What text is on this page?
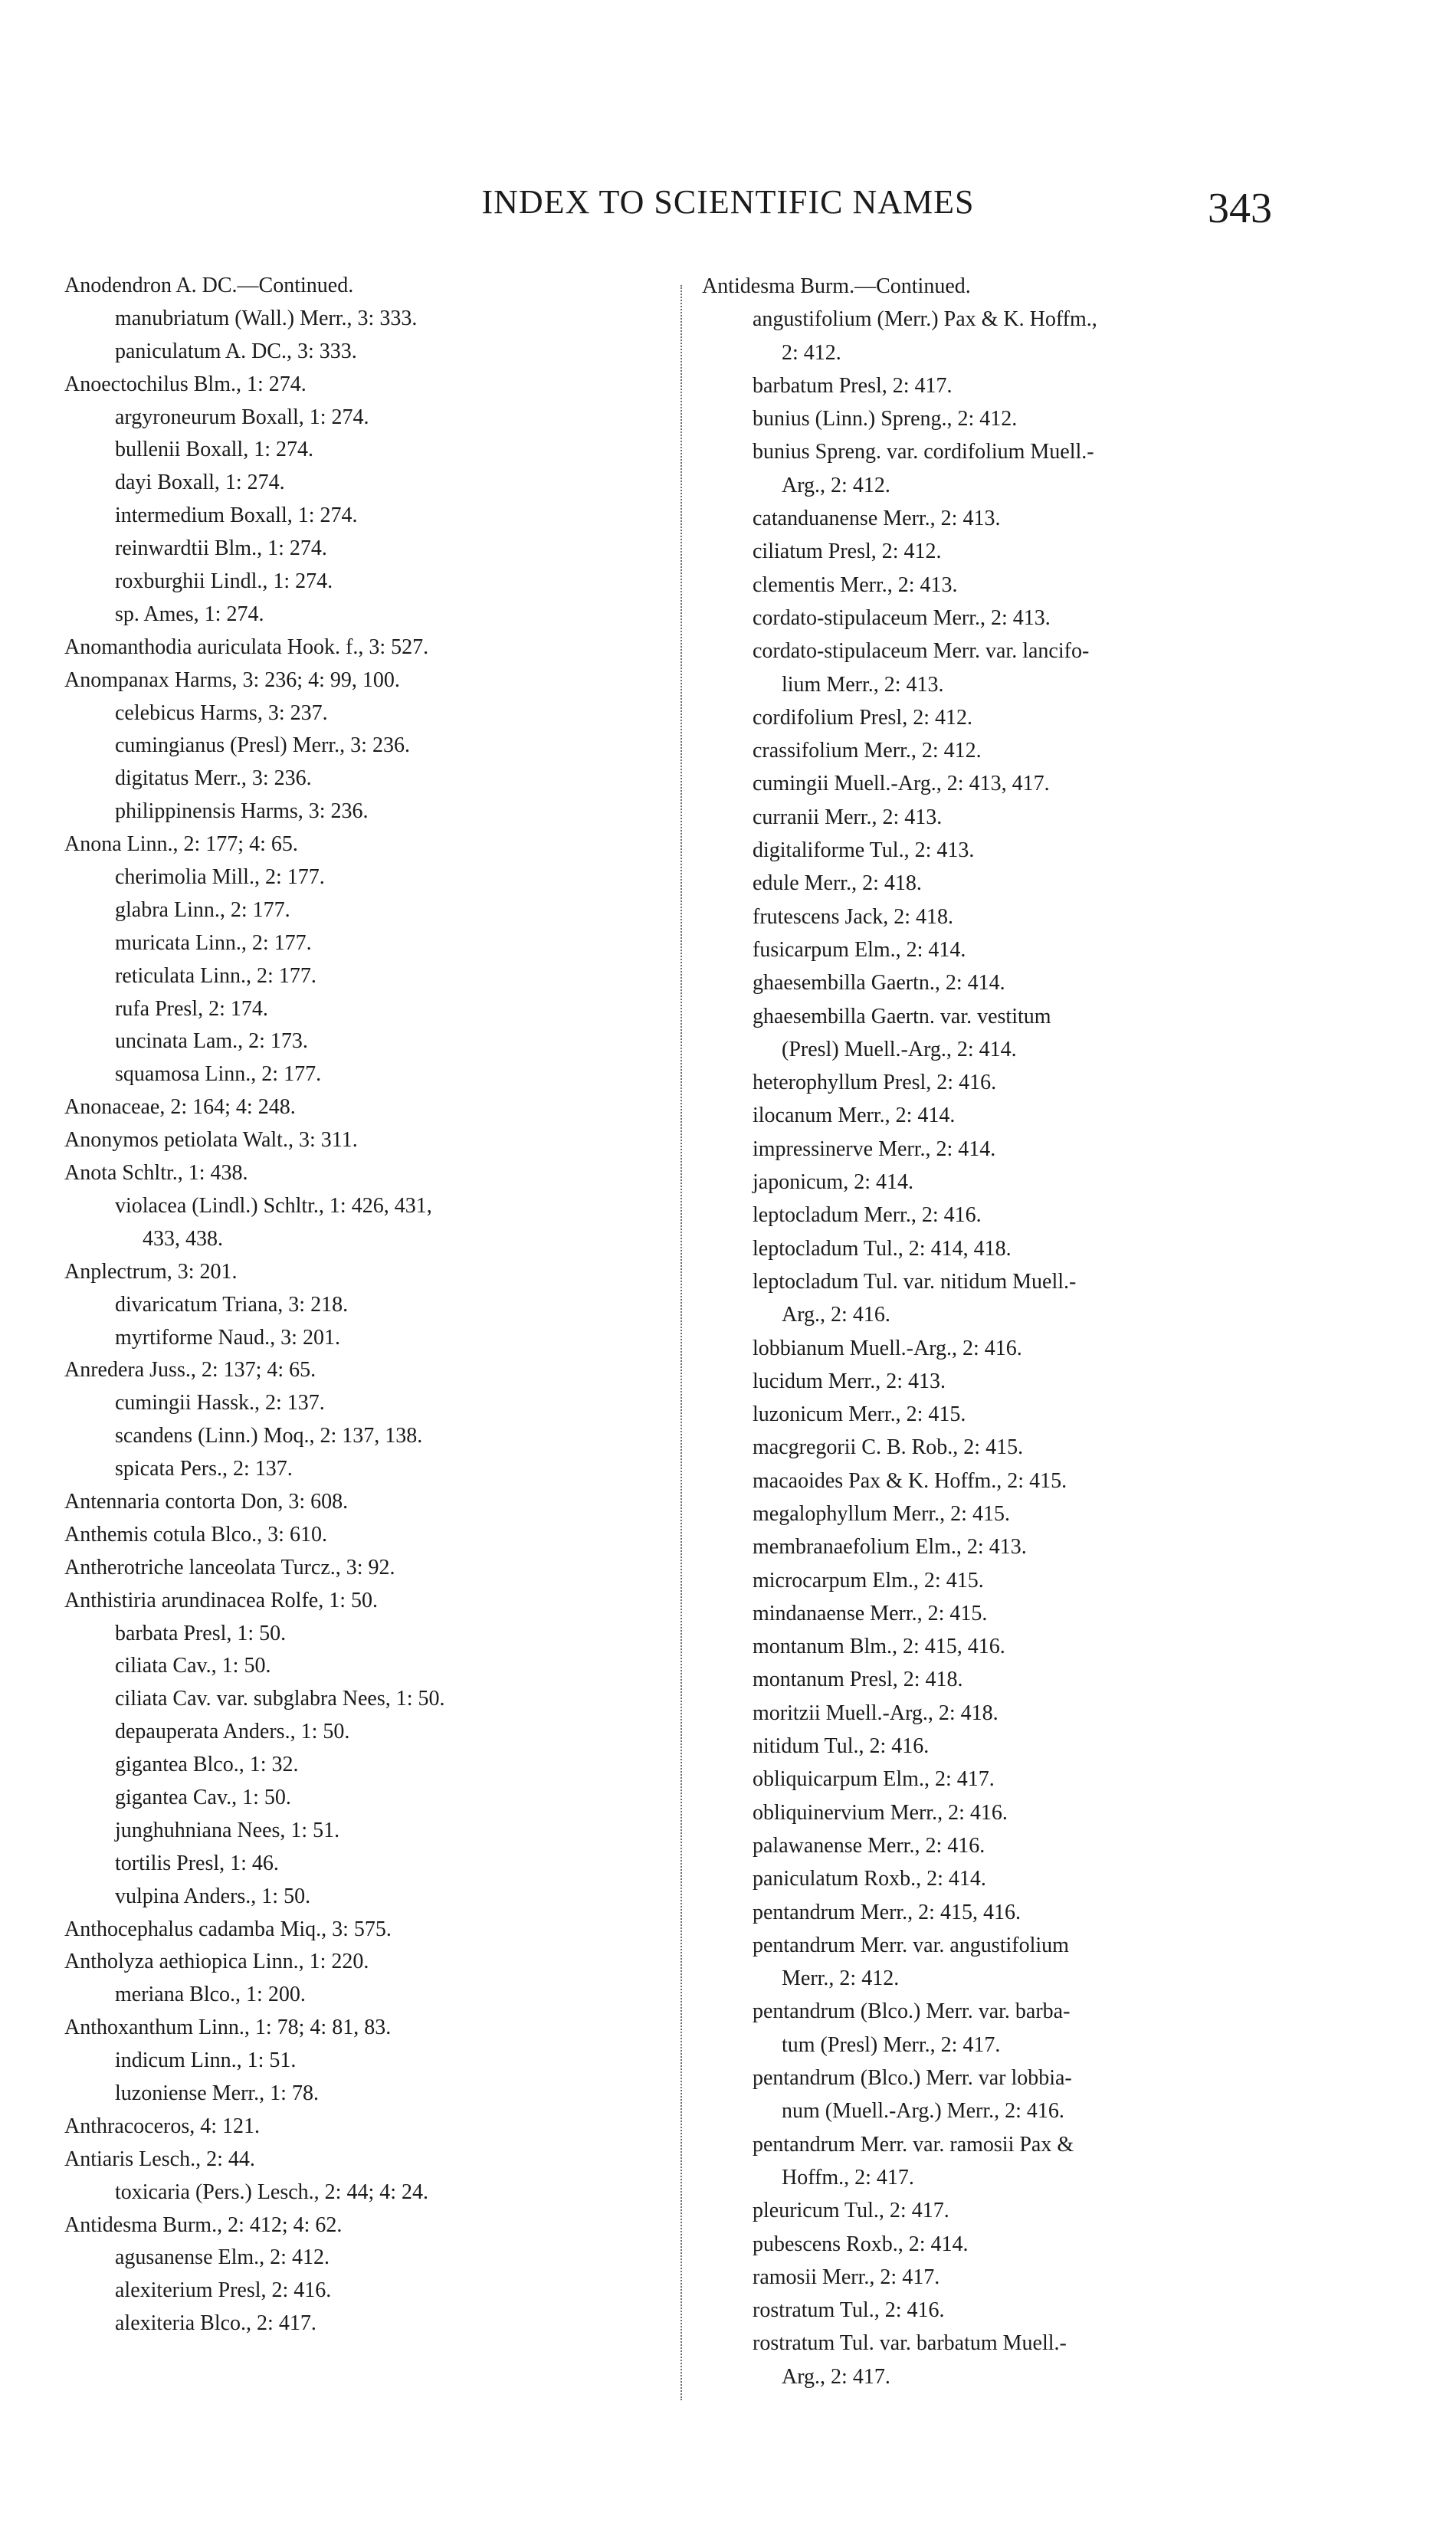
INDEX TO SCIENTIFIC NAMES	343
Anodendron A. DC.—Continued.
manubriatum (Wall.) Merr., 3: 333.
paniculatum A. DC., 3: 333.
Anoectochilus Blm., 1: 274.
argyroneurum Boxall, 1: 274.
bullenii Boxall, 1: 274.
dayi Boxall, 1: 274.
intermedium Boxall, 1: 274.
reinwardtii Blm., 1: 274.
roxburghii Lindl., 1: 274.
sp. Ames, 1: 274.
Anomanthodia auriculata Hook. f., 3: 527.
Anompanax Harms, 3: 236; 4: 99, 100.
celebicus Harms, 3: 237.
cumingianus (Presl) Merr., 3: 236.
digitatus Merr., 3: 236.
philippinensis Harms, 3: 236.
Anona Linn., 2: 177; 4: 65.
cherimolia Mill., 2: 177.
glabra Linn., 2: 177.
muricata Linn., 2: 177.
reticulata Linn., 2: 177.
rufa Presl, 2: 174.
uncinata Lam., 2: 173.
squamosa Linn., 2: 177.
Anonaceae, 2: 164; 4: 248.
Anonymos petiolata Walt., 3: 311.
Anota Schltr., 1: 438.
violacea (Lindl.) Schltr., 1: 426, 431,
433, 438.
Anplectrum, 3: 201.
divaricatum Triana, 3: 218.
myrtiforme Naud., 3: 201.
Anredera Juss., 2: 137; 4: 65.
cumingii Hassk., 2: 137.
scandens (Linn.) Moq., 2: 137, 138.
spicata Pers., 2: 137.
Antennaria contorta Don, 3: 608.
Anthemis cotula Blco., 3: 610.
Antherotriche lanceolata Turcz., 3: 92.
Anthistiria arundinacea Rolfe, 1: 50.
barbata Presl, 1: 50.
ciliata Cav., 1: 50.
ciliata Cav. var. subglabra Nees, 1: 50.
depauperata Anders., 1: 50.
gigantea Blco., 1: 32.
gigantea Cav., 1: 50.
junghuhniana Nees, 1: 51.
tortilis Presl, 1: 46.
vulpina Anders., 1: 50.
Anthocephalus cadamba Miq., 3: 575.
Antholyza aethiopica Linn., 1: 220.
meriana Blco., 1: 200.
Anthoxanthum Linn., 1: 78; 4: 81, 83.
indicum Linn., 1: 51.
luzoniense Merr., 1: 78.
Anthracoceros, 4: 121.
Antiaris Lesch., 2: 44.
toxicaria (Pers.) Lesch., 2: 44; 4: 24.
Antidesma Burm., 2: 412; 4: 62.
agusanense Elm., 2: 412.
alexiterium Presl, 2: 416.
alexiteria Blco., 2: 417.
Antidesma Burm.—Continued.
angustifolium (Merr.) Pax & K. Hoffm.,
2: 412.
barbatum Presl, 2: 417.
bunius (Linn.) Spreng., 2: 412.
bunius Spreng. var. cordifolium Muell.-
Arg., 2: 412.
catanduanense Merr., 2: 413.
ciliatum Presl, 2: 412.
clementis Merr., 2: 413.
cordato-stipulaceum Merr., 2: 413.
cordato-stipulaceum Merr. var. lancifo-
lium Merr., 2: 413.
cordifolium Presl, 2: 412.
crassifolium Merr., 2: 412.
cumingii Muell.-Arg., 2: 413, 417.
curranii Merr., 2: 413.
digitaliforme Tul., 2: 413.
edule Merr., 2: 418.
frutescens Jack, 2: 418.
fusicarpum Elm., 2: 414.
ghaesembilla Gaertn., 2: 414.
ghaesembilla Gaertn. var. vestitum
(Presl) Muell.-Arg., 2: 414.
heterophyllum Presl, 2: 416.
ilocanum Merr., 2: 414.
impressinerve Merr., 2: 414.
japonicum, 2: 414.
leptocladum Merr., 2: 416.
leptocladum Tul., 2: 414, 418.
leptocladum Tul. var. nitidum Muell.-
Arg., 2: 416.
lobbianum Muell.-Arg., 2: 416.
lucidum Merr., 2: 413.
luzonicum Merr., 2: 415.
macgregorii C. B. Rob., 2: 415.
macaoides Pax & K. Hoffm., 2: 415.
megalophyllum Merr., 2: 415.
membranaefolium Elm., 2: 413.
microcarpum Elm., 2: 415.
mindanaense Merr., 2: 415.
montanum Blm., 2: 415, 416.
montanum Presl, 2: 418.
moritzii Muell.-Arg., 2: 418.
nitidum Tul., 2: 416.
obliquicarpum Elm., 2: 417.
obliquinervium Merr., 2: 416.
palawanense Merr., 2: 416.
paniculatum Roxb., 2: 414.
pentandrum Merr., 2: 415, 416.
pentandrum Merr. var. angustifolium
Merr., 2: 412.
pentandrum (Blco.) Merr. var. barba-
tum (Presl) Merr., 2: 417.
pentandrum (Blco.) Merr. var lobbia-
num (Muell.-Arg.) Merr., 2: 416.
pentandrum Merr. var. ramosii Pax &
Hoffm., 2: 417.
pleuricum Tul., 2: 417.
pubescens Roxb., 2: 414.
ramosii Merr., 2: 417.
rostratum Tul., 2: 416.
rostratum Tul. var. barbatum Muell.-
Arg., 2: 417.
